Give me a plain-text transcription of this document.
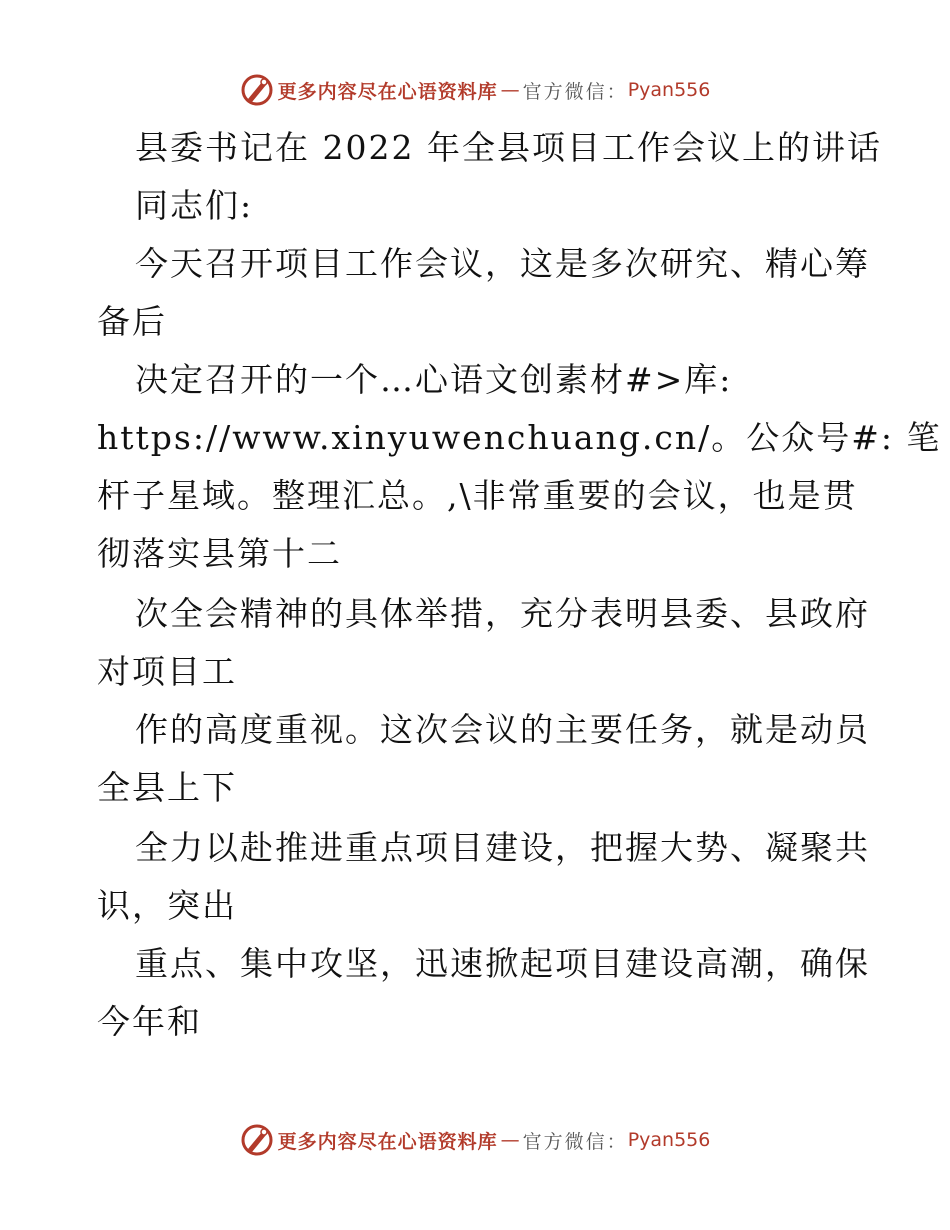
更多内容尽在心语资料库 — 官方微信： Pyan556
县委书记在 2022 年全县项目工作会议上的讲话
同志们:
今天召开项目工作会议，这是多次研究、精心筹
备后
决定召开的一个…心语文创素材#>库:
https://www.xinyuwenchuang.cn/。公众号#: 笔
杆子星域。整理汇总。,\非常重要的会议，也是贯
彻落实县第十二
次全会精神的具体举措，充分表明县委、县政府
对项目工
作的高度重视。这次会议的主要任务，就是动员
全县上下
全力以赴推进重点项目建设，把握大势、凝聚共
识，突出
重点、集中攻坚，迅速掀起项目建设高潮，确保
今年和
更多内容尽在心语资料库 — 官方微信： Pyan556
